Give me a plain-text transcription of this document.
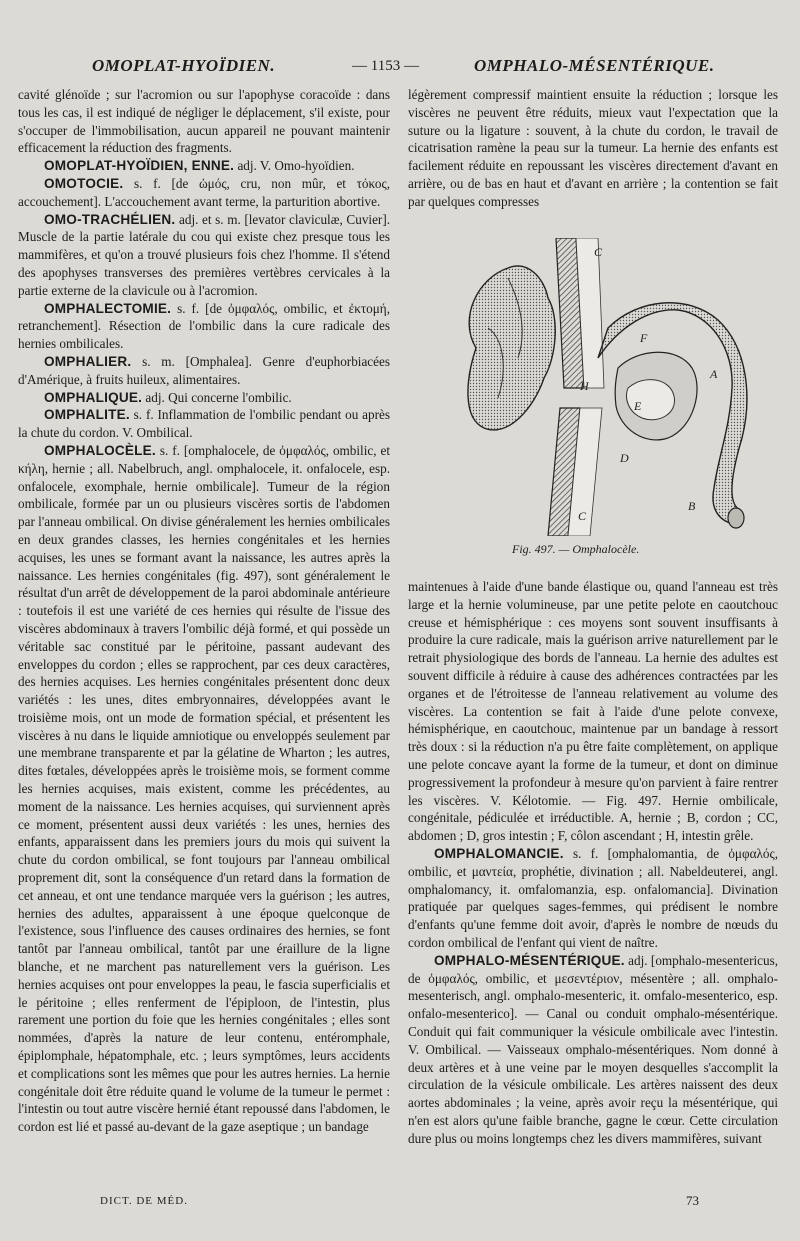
OMOPLAT-HYOÏDIEN.	— 1153 —	OMPHALO-MÉSENTÉRIQUE.

cavité glénoïde ; sur l'acromion ou sur l'apophyse coracoïde : dans tous les cas, il est indiqué de négliger le déplacement, s'il existe, pour s'occuper de l'immobilisation, aucun appareil ne pouvant maintenir efficacement la réduction des fragments.

OMOPLAT-HYOÏDIEN, ENNE. adj. V. Omo-hyoïdien.

OMOTOCIE. s. f. [de ὠμός, cru, non mûr, et τόκος, accouchement]. L'accouchement avant terme, la parturition abortive.

OMO-TRACHÉLIEN. adj. et s. m. [levator claviculæ, Cuvier]. Muscle de la partie latérale du cou qui existe chez presque tous les mammifères, et qu'on a trouvé plusieurs fois chez l'homme. Il s'étend des apophyses transverses des premières vertèbres cervicales à la partie externe de la clavicule ou à l'acromion.

OMPHALECTOMIE. s. f. [de ὀμφαλός, ombilic, et ἐκτομή, retranchement]. Résection de l'ombilic dans la cure radicale des hernies ombilicales.

OMPHALIER. s. m. [Omphalea]. Genre d'euphorbiacées d'Amérique, à fruits huileux, alimentaires.

OMPHALIQUE. adj. Qui concerne l'ombilic.

OMPHALITE. s. f. Inflammation de l'ombilic pendant ou après la chute du cordon. V. Ombilical.

OMPHALOCÈLE. s. f. [omphalocele, de ὀμφαλός, ombilic, et κήλη, hernie ; all. Nabelbruch, angl. omphalocele, it. onfalocele, esp. onfalocele, exomphale, hernie ombilicale]. Tumeur de la région ombilicale, formée par un ou plusieurs viscères sortis de l'abdomen par l'anneau ombilical. On divise généralement les hernies ombilicales en deux grandes classes, les hernies congénitales et les hernies acquises, les unes se formant avant la naissance, les autres après la naissance. Les hernies congénitales (fig. 497), sont généralement le résultat d'un arrêt de développement de la paroi abdominale antérieure : toutefois il est une variété de ces hernies qui résulte de l'issue des viscères abdominaux à travers l'ombilic déjà formé, et qui possède un véritable sac constitué par le péritoine, passant audevant des enveloppes du cordon ; elles se rapprochent, par ces deux caractères, des hernies acquises. Les hernies congénitales présentent donc deux variétés : les unes, dites embryonnaires, développées avant le troisième mois, ont un mode de formation spécial, et présentent les viscères à nu dans le liquide amniotique ou enveloppés seulement par une membrane transparente et par la gélatine de Wharton ; les autres, dites fœtales, développées après le troisième mois, se forment comme les hernies acquises, mais existent, comme les précédentes, au moment de la naissance. Les hernies acquises, qui surviennent après ce moment, présentent aussi deux variétés : les unes, hernies des enfants, apparaissent dans les premiers jours du mois qui suivent la chute du cordon ombilical, se font toujours par l'anneau ombilical proprement dit, sont la conséquence d'un retard dans la formation de cet anneau, et ont une tendance marquée vers la guérison ; les autres, hernies des adultes, apparaissent à une époque quelconque de l'existence, sous l'influence des causes ordinaires des hernies, se font tantôt par l'anneau ombilical, tantôt par une éraillure de la ligne blanche, et ne marchent pas naturellement vers la guérison. Les hernies acquises ont pour enveloppes la peau, le fascia superficialis et le péritoine ; elles renferment de l'épiploon, de l'intestin, plus rarement une portion du foie que les hernies congénitales ; elles sont nommées, d'après la nature de leur contenu, entéromphale, épiplomphale, hépatomphale, etc. ; leurs symptômes, leurs accidents et complications sont les mêmes que pour les autres hernies. La hernie congénitale doit être réduite quand le volume de la tumeur le permet : l'intestin ou tout autre viscère hernié étant repoussé dans l'abdomen, le cordon est lié et passé au-devant de la gaze aseptique ; un bandage

légèrement compressif maintient ensuite la réduction ; lorsque les viscères ne peuvent être réduits, mieux vaut l'expectation que la suture ou la ligature : souvent, à la chute du cordon, le travail de cicatrisation ramène la peau sur la tumeur. La hernie des enfants est facilement réduite en repoussant les viscères directement d'avant en arrière, ou de bas en haut et d'avant en arrière ; la contention se fait par quelques compresses

C
F
H
E
A
D
B
C
Fig. 497. — Omphalocèle.

maintenues à l'aide d'une bande élastique ou, quand l'anneau est très large et la hernie volumineuse, par une petite pelote en caoutchouc creuse et hémisphérique : ces moyens sont souvent insuffisants à produire la cure radicale, mais la guérison arrive naturellement par le retrait physiologique des bords de l'anneau. La hernie des adultes est souvent difficile à réduire à cause des adhérences contractées par les organes et de l'étroitesse de l'anneau relativement au volume des viscères. La contention se fait à l'aide d'une pelote convexe, hémisphérique, en caoutchouc, maintenue par un bandage à ressort très doux : si la réduction n'a pu être faite complètement, on applique une pelote concave ayant la forme de la tumeur, et dont on diminue progressivement la profondeur à mesure qu'on parvient à faire rentrer les viscères. V. Kélotomie. — Fig. 497. Hernie ombilicale, congénitale, pédiculée et irréductible. A, hernie ; B, cordon ; CC, abdomen ; D, gros intestin ; F, côlon ascendant ; H, intestin grêle.

OMPHALOMANCIE. s. f. [omphalomantia, de ὀμφαλός, ombilic, et μαντεία, prophétie, divination ; all. Nabeldeuterei, angl. omphalomancy, it. omfalomanzia, esp. onfalomancia]. Divination pratiquée par quelques sages-femmes, qui prédisent le nombre d'enfants qu'une femme doit avoir, d'après le nombre de nœuds du cordon ombilical de l'enfant qui vient de naître.

OMPHALO-MÉSENTÉRIQUE. adj. [omphalo-mesentericus, de ὀμφαλός, ombilic, et μεσεντέριον, mésentère ; all. omphalo-mesenterisch, angl. omphalo-mesenteric, it. omfalo-mesenterico, esp. onfalo-mesenterico]. — Canal ou conduit omphalo-mésentérique. Conduit qui fait communiquer la vésicule ombilicale avec l'intestin. V. Ombilical. — Vaisseaux omphalo-mésentériques. Nom donné à deux artères et à une veine par le moyen desquelles s'accomplit la circulation de la vésicule ombilicale. Les artères naissent des deux aortes abdominales ; la veine, après avoir reçu la mésentérique, qui n'en est alors qu'une faible branche, gagne le cœur. Cette circulation dure plus ou moins longtemps chez les divers mammifères, suivant

DICT. DE MÉD.	73
